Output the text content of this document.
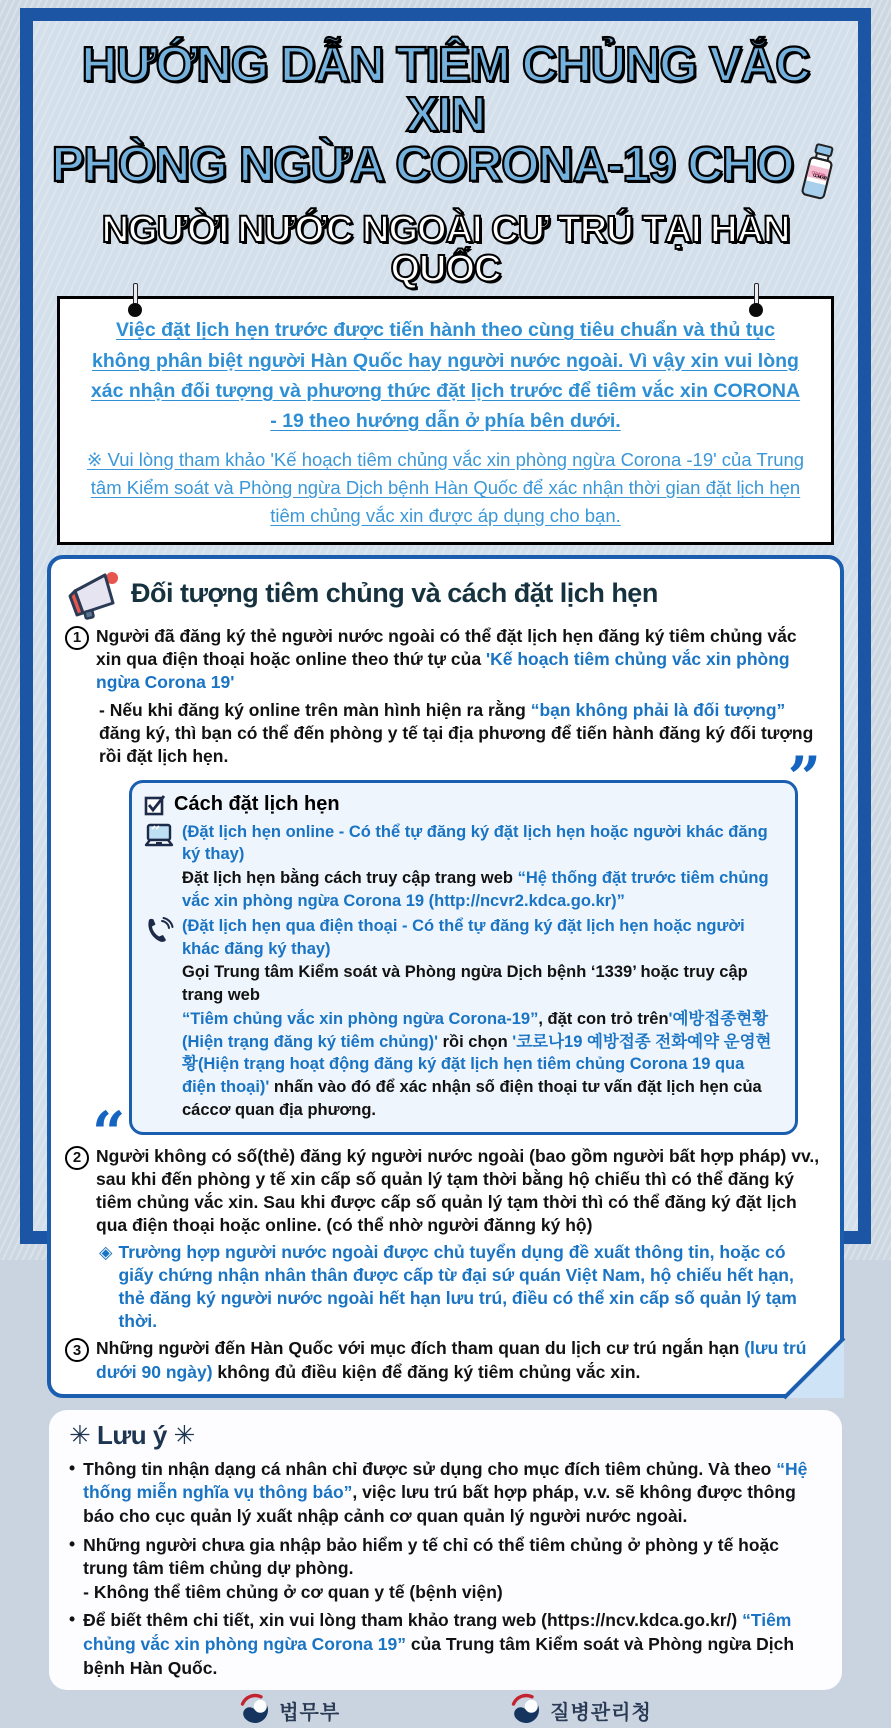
HƯỚNG DẪN TIÊM CHỦNG VẮC XIN
PHÒNG NGỪA CORONA-19 CHO	COVID-19
NGƯỜI NƯỚC NGOÀI CƯ TRÚ TẠI HÀN QUỐC

Việc đặt lịch hẹn trước được tiến hành theo cùng tiêu chuẩn và thủ tục không phân biệt người Hàn Quốc hay người nước ngoài. Vì vậy xin vui lòng xác nhận đối tượng và phương thức đặt lịch trước để tiêm vắc xin CORONA - 19 theo hướng dẫn ở phía bên dưới.

※ Vui lòng tham khảo 'Kế hoạch tiêm chủng vắc xin phòng ngừa Corona -19' của Trung tâm Kiểm soát và Phòng ngừa Dịch bệnh Hàn Quốc để xác nhận thời gian đặt lịch hẹn tiêm chủng vắc xin được áp dụng cho bạn.

Đối tượng tiêm chủng và cách đặt lịch hẹn
1 Người đã đăng ký thẻ người nước ngoài có thể đặt lịch hẹn đăng ký tiêm chủng vắc xin qua điện thoại hoặc online theo thứ tự của 'Kế hoạch tiêm chủng vắc xin phòng ngừa Corona 19'

- Nếu khi đăng ký online trên màn hình hiện ra rằng “bạn không phải là đối tượng” đăng ký, thì bạn có thể đến phòng y tế tại địa phương để tiến hành đăng ký đối tượng rồi đặt lịch hẹn.	”
“
Cách đặt lịch hẹn

(Đặt lịch hẹn online - Có thể tự đăng ký đặt lịch hẹn hoặc người khác đăng ký thay)

Đặt lịch hẹn bằng cách truy cập trang web “Hệ thống đặt trước tiêm chủng vắc xin phòng ngừa Corona 19 (http://ncvr2.kdca.go.kr)”

(Đặt lịch hẹn qua điện thoại - Có thể tự đăng ký đặt lịch hẹn hoặc người khác đăng ký thay)

Gọi Trung tâm Kiểm soát và Phòng ngừa Dịch bệnh ‘1339’ hoặc truy cập trang web

“Tiêm chủng vắc xin phòng ngừa Corona-19”, đặt con trỏ trên'예방접종현황(Hiện trạng đăng ký tiêm chủng)' rồi chọn '코로나19 예방접종 전화예약 운영현황(Hiện trạng hoạt động đăng ký đặt lịch hẹn tiêm chủng Corona 19 qua điện thoại)' nhấn vào đó để xác nhận số điện thoại tư vấn đặt lịch hẹn của cáccơ quan địa phương.

2 Người không có số(thẻ) đăng ký người nước ngoài (bao gồm người bất hợp pháp) vv., sau khi đến phòng y tế xin cấp số quản lý tạm thời bằng hộ chiếu thì có thể đăng ký tiêm chủng vắc xin. Sau khi được cấp số quản lý tạm thời thì có thể đăng ký đặt lịch qua điện thoại hoặc online. (có thể nhờ người đănng ký hộ)

◈ Trường hợp người nước ngoài được chủ tuyển dụng đề xuất thông tin, hoặc có giấy chứng nhận nhân thân được cấp từ đại sứ quán Việt Nam, hộ chiếu hết hạn, thẻ đăng ký người nước ngoài hết hạn lưu trú, điều có thể xin cấp số quản lý tạm thời.

3 Những người đến Hàn Quốc với mục đích tham quan du lịch cư trú ngắn hạn (lưu trú dưới 90 ngày) không đủ điều kiện để đăng ký tiêm chủng vắc xin.

✳ Lưu ý ✳
• Thông tin nhận dạng cá nhân chỉ được sử dụng cho mục đích tiêm chủng. Và theo “Hệ thống miễn nghĩa vụ thông báo”, việc lưu trú bất hợp pháp, v.v. sẽ không được thông báo cho cục quản lý xuất nhập cảnh cơ quan quản lý người nước ngoài.

• Những người chưa gia nhập bảo hiểm y tế chỉ có thể tiêm chủng ở phòng y tế hoặc trung tâm tiêm chủng dự phòng.
- Không thể tiêm chủng ở cơ quan y tế (bệnh viện)

• Để biết thêm chi tiết, xin vui lòng tham khảo trang web (https://ncv.kdca.go.kr/) “Tiêm chủng vắc xin phòng ngừa Corona 19” của Trung tâm Kiểm soát và Phòng ngừa Dịch bệnh Hàn Quốc.

법무부	질병관리청
